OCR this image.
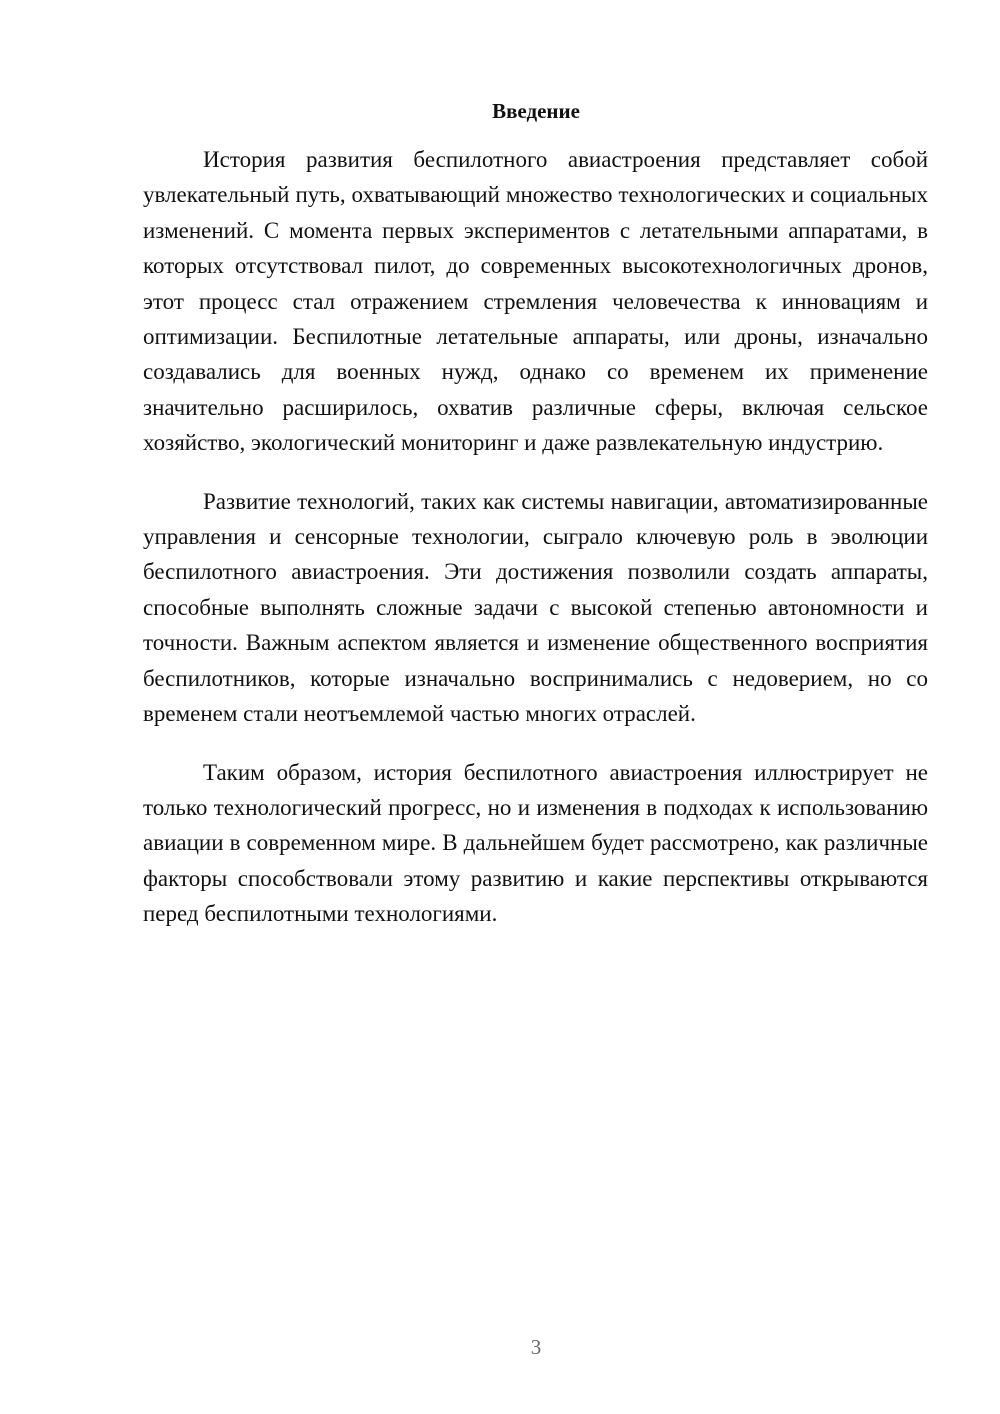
Введение

История развития беспилотного авиастроения представляет собой увлекательный путь, охватывающий множество технологических и социальных изменений. С момента первых экспериментов с летательными аппаратами, в которых отсутствовал пилот, до современных высокотехнологичных дронов, этот процесс стал отражением стремления человечества к инновациям и оптимизации. Беспилотные летательные аппараты, или дроны, изначально создавались для военных нужд, однако со временем их применение значительно расширилось, охватив различные сферы, включая сельское хозяйство, экологический мониторинг и даже развлекательную индустрию.

Развитие технологий, таких как системы навигации, автоматизированные управления и сенсорные технологии, сыграло ключевую роль в эволюции беспилотного авиастроения. Эти достижения позволили создать аппараты, способные выполнять сложные задачи с высокой степенью автономности и точности. Важным аспектом является и изменение общественного восприятия беспилотников, которые изначально воспринимались с недоверием, но со временем стали неотъемлемой частью многих отраслей.

Таким образом, история беспилотного авиастроения иллюстрирует не только технологический прогресс, но и изменения в подходах к использованию авиации в современном мире. В дальнейшем будет рассмотрено, как различные факторы способствовали этому развитию и какие перспективы открываются перед беспилотными технологиями.

3
